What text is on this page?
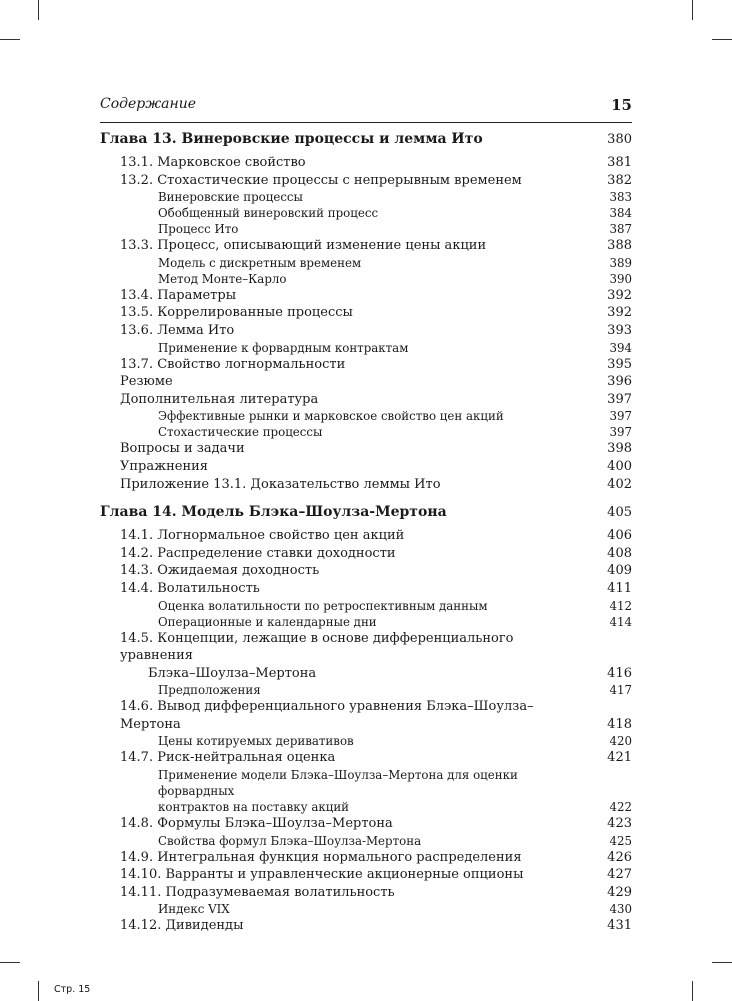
Содержание	15
Глава 13. Винеровские процессы и лемма Ито	380
13.1. Марковское свойство	381
13.2. Стохастические процессы с непрерывным временем	382
Винеровские процессы	383
Обобщенный винеровский процесс	384
Процесс Ито	387
13.3. Процесс, описывающий изменение цены акции	388
Модель с дискретным временем	389
Метод Монте–Карло	390
13.4. Параметры	392
13.5. Коррелированные процессы	392
13.6. Лемма Ито	393
Применение к форвардным контрактам	394
13.7. Свойство логнормальности	395
Резюме	396
Дополнительная литература	397
Эффективные рынки и марковское свойство цен акций	397
Стохастические процессы	397
Вопросы и задачи	398
Упражнения	400
Приложение 13.1. Доказательство леммы Ито	402
Глава 14. Модель Блэка–Шоулза-Мертона	405
14.1. Логнормальное свойство цен акций	406
14.2. Распределение ставки доходности	408
14.3. Ожидаемая доходность	409
14.4. Волатильность	411
Оценка волатильности по ретроспективным данным	412
Операционные и календарные дни	414
14.5. Концепции, лежащие в основе дифференциального уравнения
Блэка–Шоулза–Мертона	416
Предположения	417
14.6. Вывод дифференциального уравнения Блэка–Шоулза–Мертона	418
Цены котируемых деривативов	420
14.7. Риск-нейтральная оценка	421
Применение модели Блэка–Шоулза–Мертона для оценки форвардных
контрактов на поставку акций	422
14.8. Формулы Блэка–Шоулза–Мертона	423
Свойства формул Блэка–Шоулза-Мертона	425
14.9. Интегральная функция нормального распределения	426
14.10. Варранты и управленческие акционерные опционы	427
14.11. Подразумеваемая волатильность	429
Индекс VIX	430
14.12. Дивиденды	431
Стр. 15
